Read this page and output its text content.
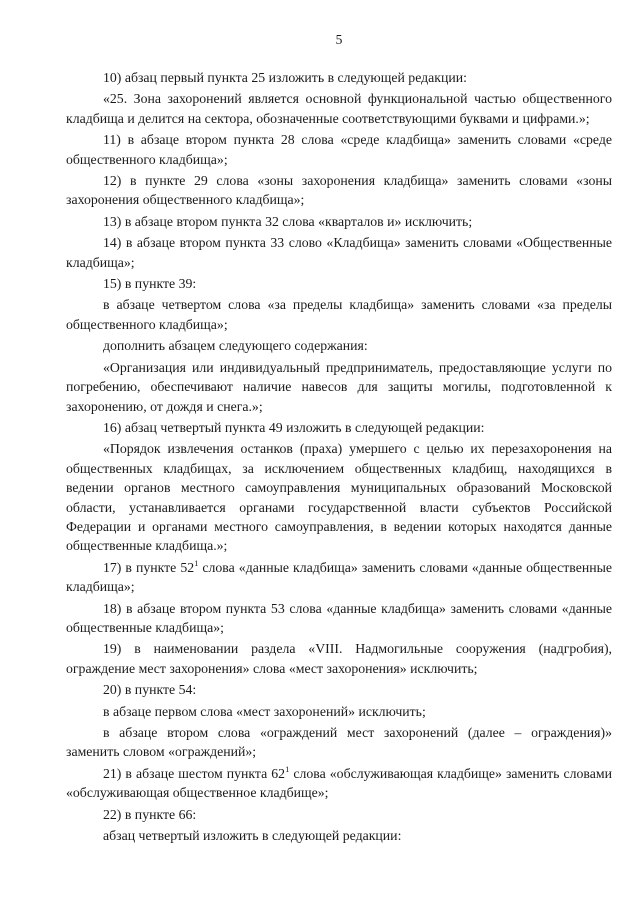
5

10) абзац первый пункта 25 изложить в следующей редакции:

«25. Зона захоронений является основной функциональной частью общественного кладбища и делится на сектора, обозначенные соответствующими буквами и цифрами.»;

11) в абзаце втором пункта 28 слова «среде кладбища» заменить словами «среде общественного кладбища»;

12) в пункте 29 слова «зоны захоронения кладбища» заменить словами «зоны захоронения общественного кладбища»;

13) в абзаце втором пункта 32 слова «кварталов и» исключить;

14) в абзаце втором пункта 33 слово «Кладбища» заменить словами «Общественные кладбища»;

15) в пункте 39:

в абзаце четвертом слова «за пределы кладбища» заменить словами «за пределы общественного кладбища»;

дополнить абзацем следующего содержания:

«Организация или индивидуальный предприниматель, предоставляющие услуги по погребению, обеспечивают наличие навесов для защиты могилы, подготовленной к захоронению, от дождя и снега.»;

16) абзац четвертый пункта 49 изложить в следующей редакции:

«Порядок извлечения останков (праха) умершего с целью их перезахоронения на общественных кладбищах, за исключением общественных кладбищ, находящихся в ведении органов местного самоуправления муниципальных образований Московской области, устанавливается органами государственной власти субъектов Российской Федерации и органами местного самоуправления, в ведении которых находятся данные общественные кладбища.»;

17) в пункте $52^1$ слова «данные кладбища» заменить словами «данные общественные кладбища»;

18) в абзаце втором пункта 53 слова «данные кладбища» заменить словами «данные общественные кладбища»;

19) в наименовании раздела «VIII. Надмогильные сооружения (надгробия), ограждение мест захоронения» слова «мест захоронения» исключить;

20) в пункте 54:

в абзаце первом слова «мест захоронений» исключить;

в абзаце втором слова «ограждений мест захоронений (далее – ограждения)» заменить словом «ограждений»;

21) в абзаце шестом пункта $62^1$ слова «обслуживающая кладбище» заменить словами «обслуживающая общественное кладбище»;

22) в пункте 66:

абзац четвертый изложить в следующей редакции:
